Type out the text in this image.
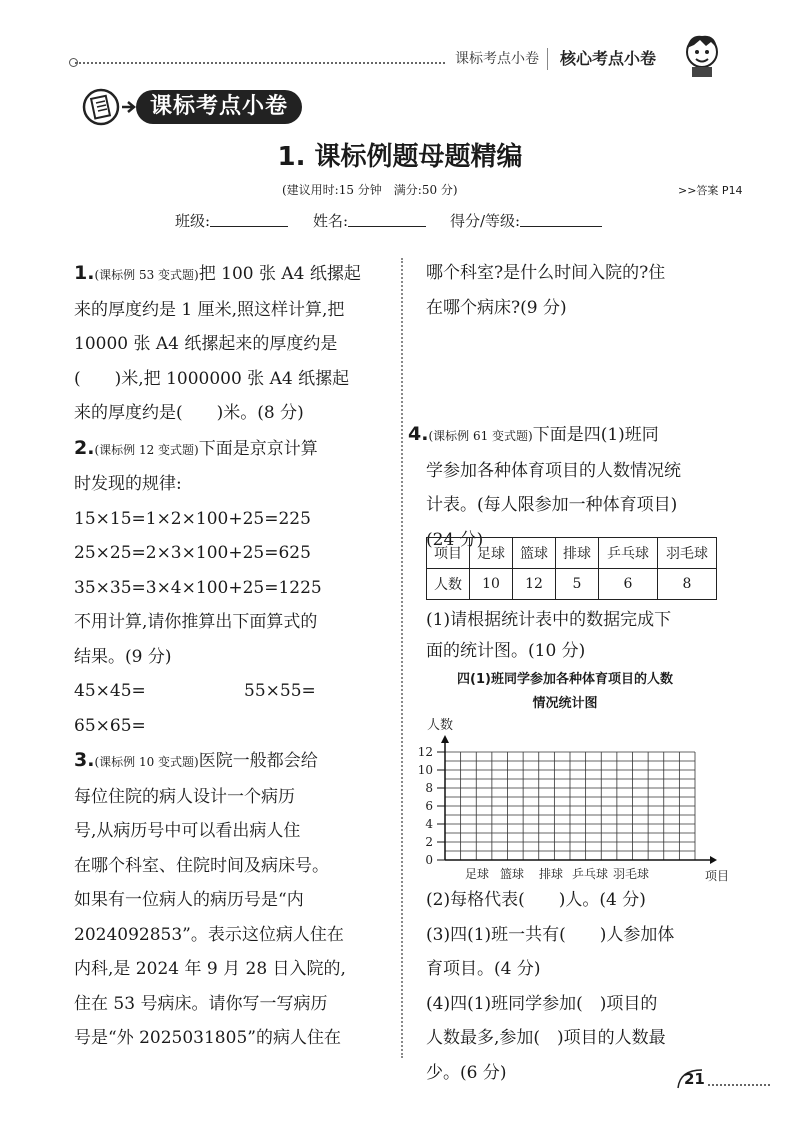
课标考点小卷 核心考点小卷
课标考点小卷
1. 课标例题母题精编
(建议用时:15 分钟　满分:50 分)	>>答案 P14
班级:	姓名:	得分/等级:

1.(课标例 53 变式题)把 100 张 A4 纸摞起

来的厚度约是 1 厘米,照这样计算,把

10000 张 A4 纸摞起来的厚度约是

(　　)米,把 1000000 张 A4 纸摞起

来的厚度约是(　　)米。(8 分)

2.(课标例 12 变式题)下面是京京计算

时发现的规律:

15×15=1×2×100+25=225

25×25=2×3×100+25=625

35×35=3×4×100+25=1225

不用计算,请你推算出下面算式的

结果。(9 分)

45×45=	55×55=

65×65=

3.(课标例 10 变式题)医院一般都会给

每位住院的病人设计一个病历

号,从病历号中可以看出病人住

在哪个科室、住院时间及病床号。

如果有一位病人的病历号是“内

2024092853”。表示这位病人住在

内科,是 2024 年 9 月 28 日入院的,

住在 53 号病床。请你写一写病历

号是“外 2025031805”的病人住在

哪个科室?是什么时间入院的?住

在哪个病床?(9 分)

4.(课标例 61 变式题)下面是四(1)班同

学参加各种体育项目的人数情况统

计表。(每人限参加一种体育项目)

(24 分)

项目	足球	篮球	排球	乒乓球	羽毛球
人数	10	12	5	6	8

(1)请根据统计表中的数据完成下

面的统计图。(10 分)

四(1)班同学参加各种体育项目的人数
情况统计图
人数
0
2
4
6
8
10
12
足球 篮球 排球 乒乓球 羽毛球	项目

(2)每格代表(　　)人。(4 分)

(3)四(1)班一共有(　　)人参加体

育项目。(4 分)

(4)四(1)班同学参加(　)项目的

人数最多,参加(　)项目的人数最

少。(6 分)	21
